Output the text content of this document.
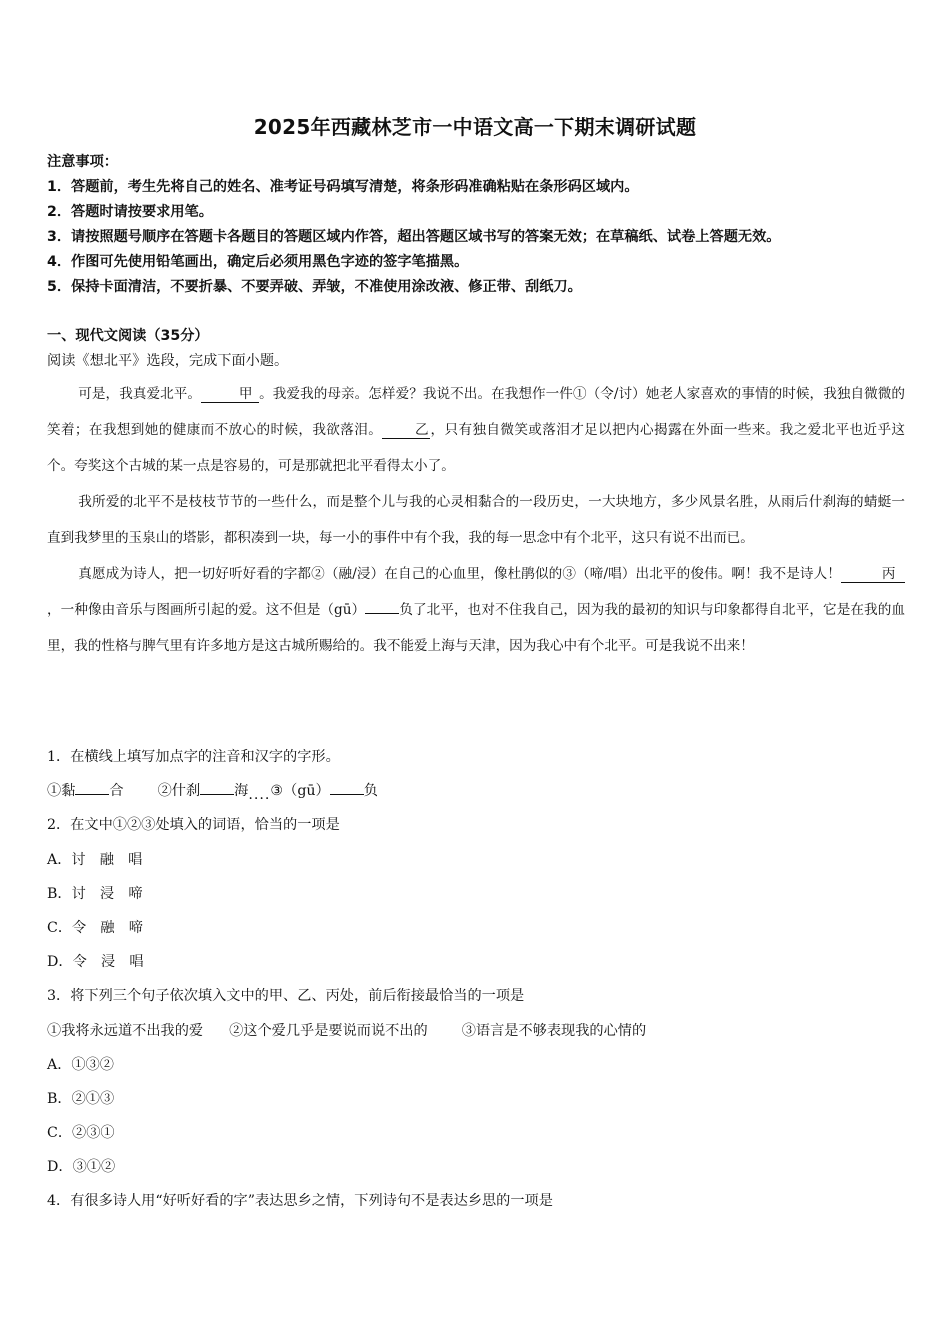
2025年西藏林芝市一中语文高一下期末调研试题
注意事项：
1．答题前，考生先将自己的姓名、准考证号码填写清楚，将条形码准确粘贴在条形码区域内。
2．答题时请按要求用笔。
3．请按照题号顺序在答题卡各题目的答题区域内作答，超出答题区域书写的答案无效；在草稿纸、试卷上答题无效。
4．作图可先使用铅笔画出，确定后必须用黑色字迹的签字笔描黑。
5．保持卡面清洁，不要折暴、不要弄破、弄皱，不准使用涂改液、修正带、刮纸刀。
一、现代文阅读（35分）
阅读《想北平》选段，完成下面小题。

可是，我真爱北平。	甲 。我爱我的母亲。怎样爱？我说不出。在我想作一件①（令/讨）她老人家喜欢的事情的时候，我独自微微的笑着；在我想到她的健康而不放心的时候，我欲落泪。 乙 ，只有独自微笑或落泪才足以把内心揭露在外面一些来。我之爱北平也近乎这个。夸奖这个古城的某一点是容易的，可是那就把北平看得太小了。

我所爱的北平不是枝枝节节的一些什么，而是整个儿与我的心灵相黏合的一段历史，一大块地方，多少风景名胜，从雨后什刹海的蜻蜓一直到我梦里的玉泉山的塔影，都积凑到一块，每一小的事件中有个我，我的每一思念中有个北平，这只有说不出而已。

真愿成为诗人，把一切好听好看的字都②（融/浸）在自己的心血里，像杜鹃似的③（啼/唱）出北平的俊伟。啊！我不是诗人！	丙，一种像由音乐与图画所引起的爱。这不但是（gū）	负了北平，也对不住我自己，因为我的最初的知识与印象都得自北平，它是在我的血里，我的性格与脾气里有许多地方是这古城所赐给的。我不能爱上海与天津，因为我心中有个北平。可是我说不出来！

1．在横线上填写加点字的注音和汉字的字形。
①黏 合 ②什刹 海....③（gū） 负
2．在文中①②③处填入的词语，恰当的一项是
A．讨　融　唱
B．讨　浸　啼
C．令　融　啼
D．令　浸　唱
3．将下列三个句子依次填入文中的甲、乙、丙处，前后衔接最恰当的一项是
①我将永远道不出我的爱 ②这个爱几乎是要说而说不出的 ③语言是不够表现我的心情的
A．①③②
B．②①③
C．②③①
D．③①②
4．有很多诗人用“好听好看的字”表达思乡之情，下列诗句不是表达乡思的一项是
